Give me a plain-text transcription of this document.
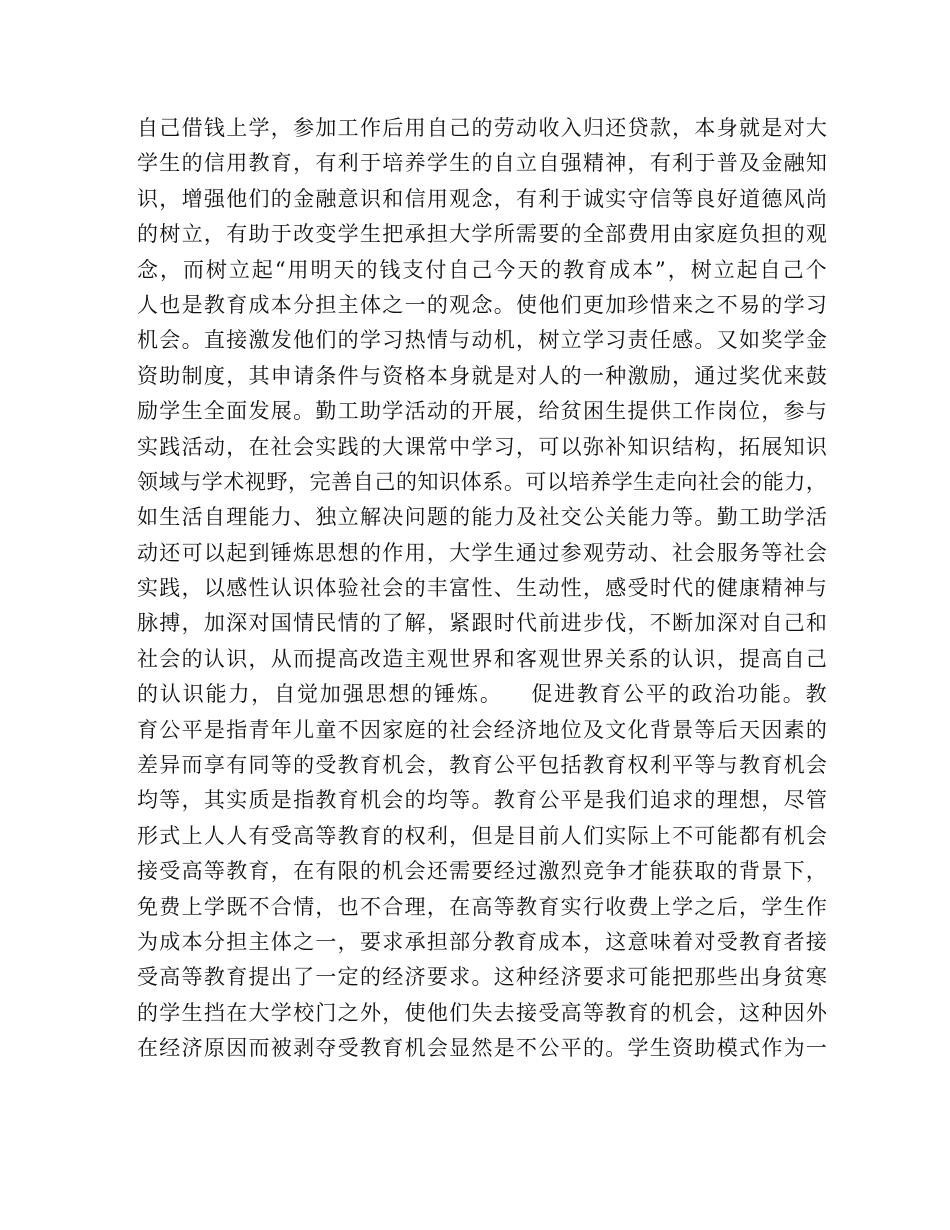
自 己 借 钱 上 学 ， 参 加 工 作 后 用 自 己 的 劳 动 收 入 归 还 贷 款 ， 本 身 就 是 对 大
学 生 的 信 用 教 育 ， 有 利 于 培 养 学 生 的 自 立 自 强 精 神 ， 有 利 于 普 及 金 融 知
识 ， 增 强 他 们 的 金 融 意 识 和 信 用 观 念 ， 有 利 于 诚 实 守 信 等 良 好 道 德 风 尚
的 树 立 ， 有 助 于 改 变 学 生 把 承 担 大 学 所 需 要 的 全 部 费 用 由 家 庭 负 担 的 观
念 ， 而 树 立 起 “ 用 明 天 的 钱 支 付 自 己 今 天 的 教 育 成 本 ” ， 树 立 起 自 己 个
人 也 是 教 育 成 本 分 担 主 体 之 一 的 观 念 。 使 他 们 更 加 珍 惜 来 之 不 易 的 学 习
机 会 。 直 接 激 发 他 们 的 学 习 热 情 与 动 机 ， 树 立 学 习 责 任 感 。 又 如 奖 学 金
资 助 制 度 ， 其 申 请 条 件 与 资 格 本 身 就 是 对 人 的 一 种 激 励 ， 通 过 奖 优 来 鼓
励 学 生 全 面 发 展 。 勤 工 助 学 活 动 的 开 展 ， 给 贫 困 生 提 供 工 作 岗 位 ， 参 与
实 践 活 动 ， 在 社 会 实 践 的 大 课 常 中 学 习 ， 可 以 弥 补 知 识 结 构 ， 拓 展 知 识
领 域 与 学 术 视 野 ， 完 善 自 己 的 知 识 体 系 。 可 以 培 养 学 生 走 向 社 会 的 能 力 ，
如 生 活 自 理 能 力 、 独 立 解 决 问 题 的 能 力 及 社 交 公 关 能 力 等 。 勤 工 助 学 活
动 还 可 以 起 到 锤 炼 思 想 的 作 用 ， 大 学 生 通 过 参 观 劳 动 、 社 会 服 务 等 社 会
实 践 ， 以 感 性 认 识 体 验 社 会 的 丰 富 性 、 生 动 性 ， 感 受 时 代 的 健 康 精 神 与
脉 搏 ， 加 深 对 国 情 民 情 的 了 解 ， 紧 跟 时 代 前 进 步 伐 ， 不 断 加 深 对 自 己 和
社 会 的 认 识 ， 从 而 提 高 改 造 主 观 世 界 和 客 观 世 界 关 系 的 认 识 ， 提 高 自 己
的 认 识 能 力 ， 自 觉 加 强 思 想 的 锤 炼 。
促 进 教 育 公 平 的 政 治 功 能 。 教
育 公 平 是 指 青 年 儿 童 不 因 家 庭 的 社 会 经 济 地 位 及 文 化 背 景 等 后 天 因 素 的
差 异 而 享 有 同 等 的 受 教 育 机 会 ， 教 育 公 平 包 括 教 育 权 利 平 等 与 教 育 机 会
均 等 ， 其 实 质 是 指 教 育 机 会 的 均 等 。 教 育 公 平 是 我 们 追 求 的 理 想 ， 尽 管
形 式 上 人 人 有 受 高 等 教 育 的 权 利 ， 但 是 目 前 人 们 实 际 上 不 可 能 都 有 机 会
接 受 高 等 教 育 ， 在 有 限 的 机 会 还 需 要 经 过 激 烈 竞 争 才 能 获 取 的 背 景 下 ，
免 费 上 学 既 不 合 情 ， 也 不 合 理 ， 在 高 等 教 育 实 行 收 费 上 学 之 后 ， 学 生 作
为 成 本 分 担 主 体 之 一 ， 要 求 承 担 部 分 教 育 成 本 ， 这 意 味 着 对 受 教 育 者 接
受 高 等 教 育 提 出 了 一 定 的 经 济 要 求 。 这 种 经 济 要 求 可 能 把 那 些 出 身 贫 寒
的 学 生 挡 在 大 学 校 门 之 外 ， 使 他 们 失 去 接 受 高 等 教 育 的 机 会 ， 这 种 因 外
在 经 济 原 因 而 被 剥 夺 受 教 育 机 会 显 然 是 不 公 平 的 。 学 生 资 助 模 式 作 为 一
